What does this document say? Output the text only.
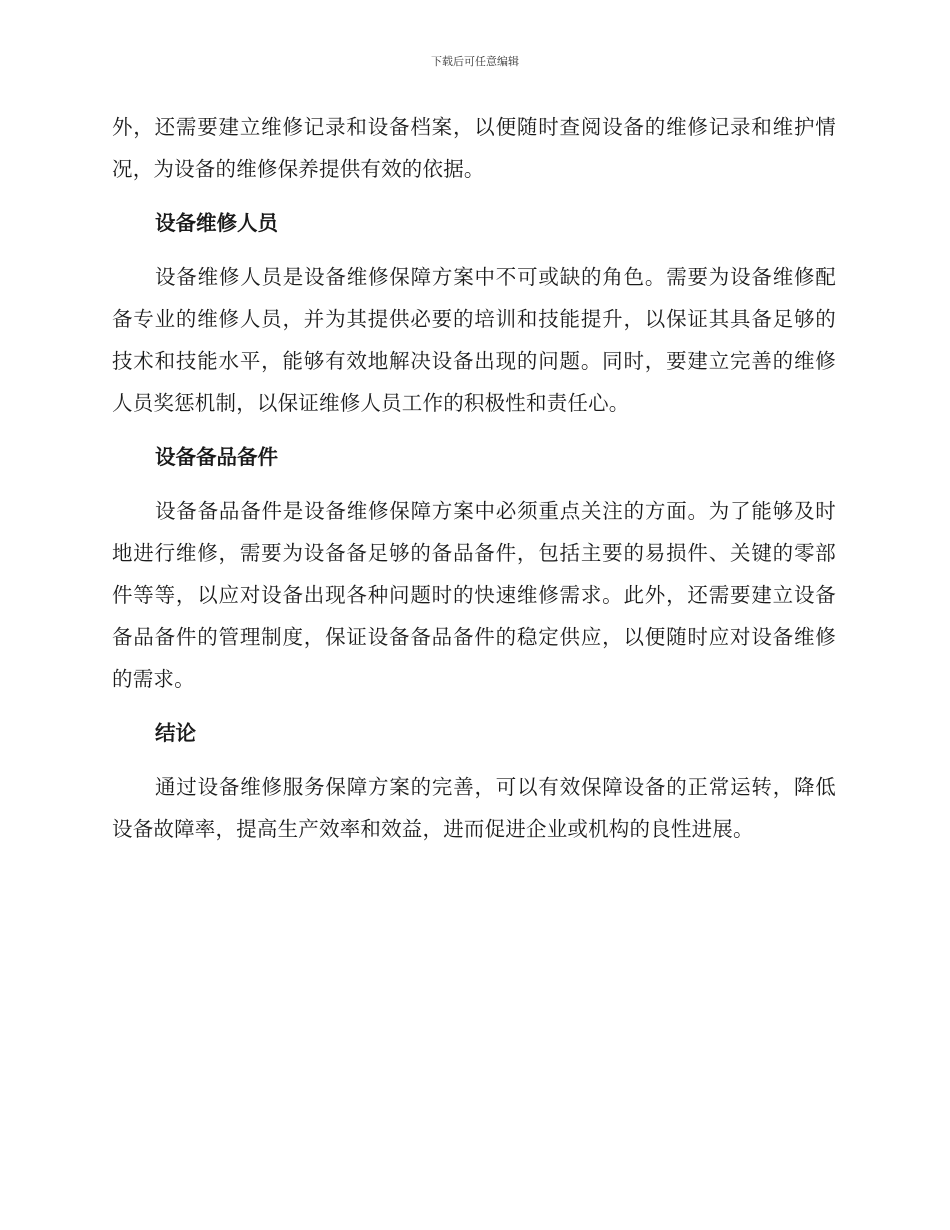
下载后可任意编辑

外，还需要建立维修记录和设备档案，以便随时查阅设备的维修记录和维护情况，为设备的维修保养提供有效的依据。

设备维修人员

设备维修人员是设备维修保障方案中不可或缺的角色。需要为设备维修配备专业的维修人员，并为其提供必要的培训和技能提升，以保证其具备足够的技术和技能水平，能够有效地解决设备出现的问题。同时，要建立完善的维修人员奖惩机制，以保证维修人员工作的积极性和责任心。

设备备品备件

设备备品备件是设备维修保障方案中必须重点关注的方面。为了能够及时地进行维修，需要为设备备足够的备品备件，包括主要的易损件、关键的零部件等等，以应对设备出现各种问题时的快速维修需求。此外，还需要建立设备备品备件的管理制度，保证设备备品备件的稳定供应，以便随时应对设备维修的需求。

结论

通过设备维修服务保障方案的完善，可以有效保障设备的正常运转，降低设备故障率，提高生产效率和效益，进而促进企业或机构的良性进展。
